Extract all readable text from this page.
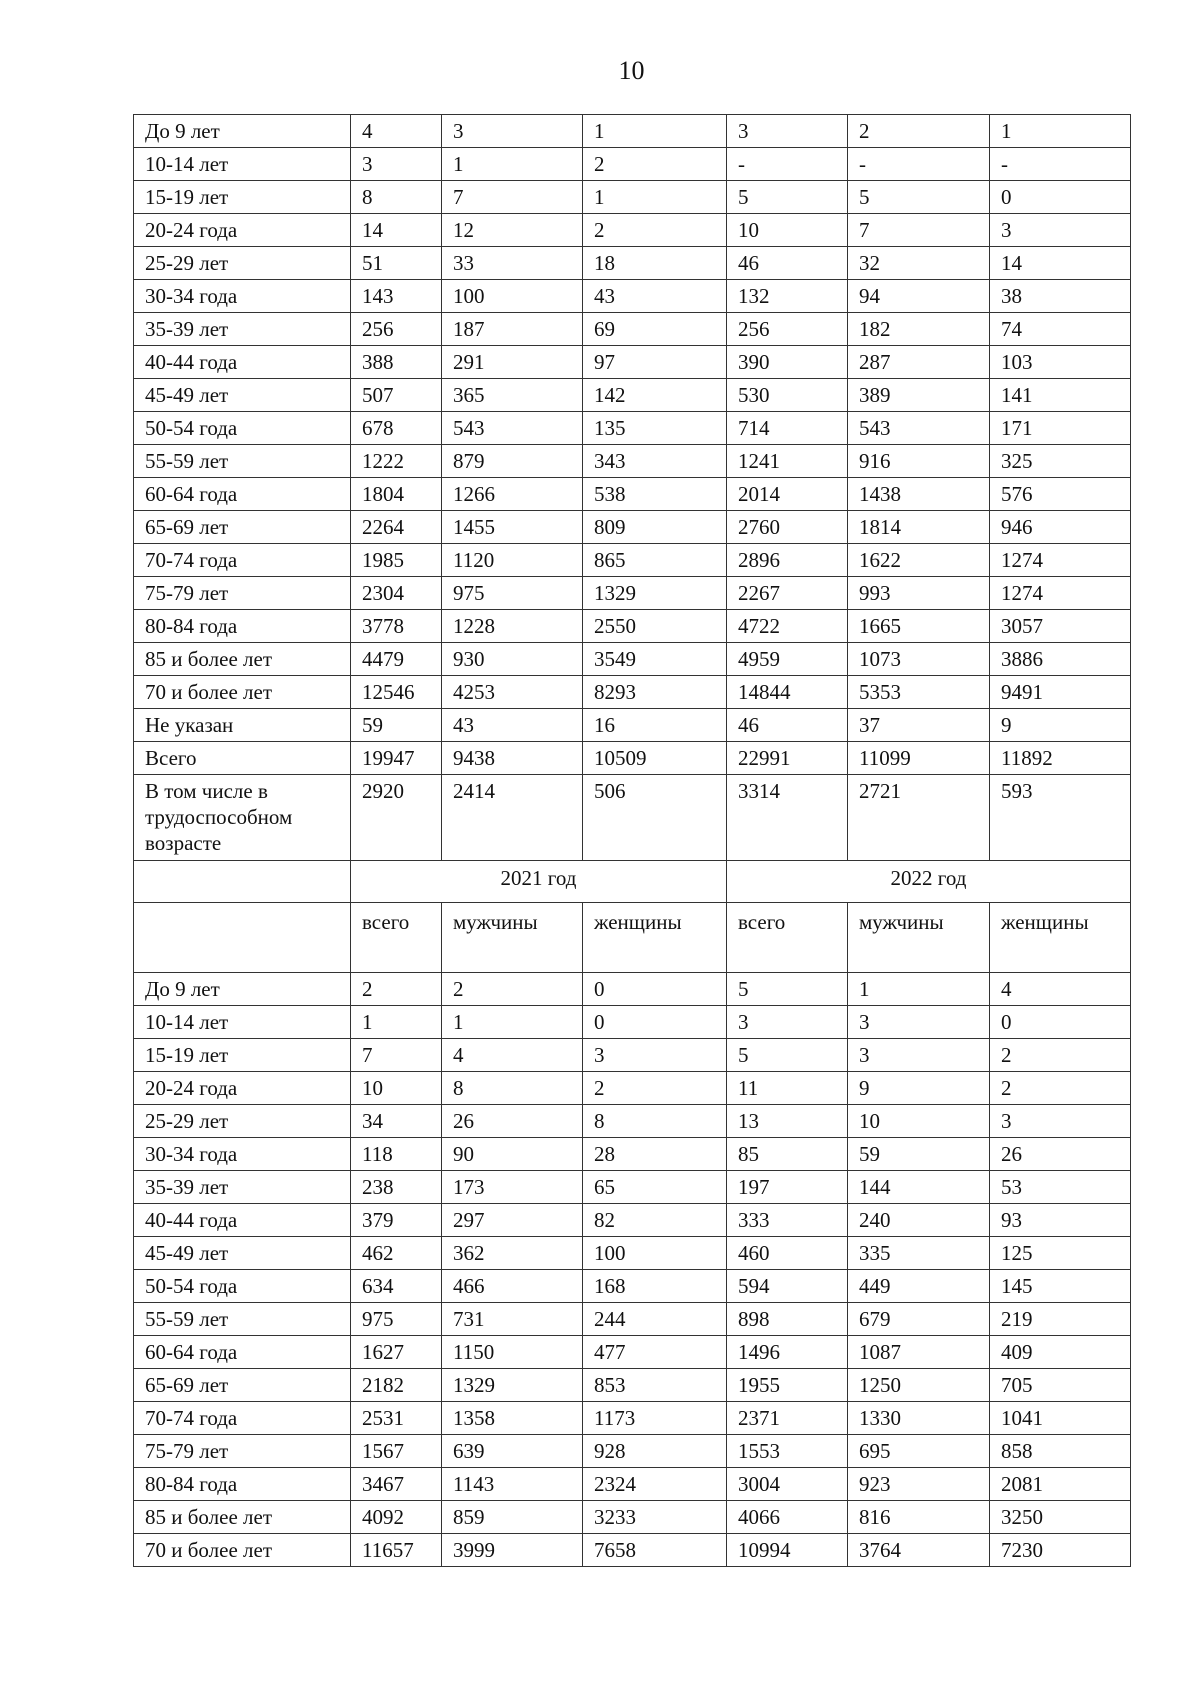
10
До 9 лет	4	3	1	3	2	1
10-14 лет	3	1	2	-	-	-
15-19 лет	8	7	1	5	5	0
20-24 года	14	12	2	10	7	3
25-29 лет	51	33	18	46	32	14
30-34 года	143	100	43	132	94	38
35-39 лет	256	187	69	256	182	74
40-44 года	388	291	97	390	287	103
45-49 лет	507	365	142	530	389	141
50-54 года	678	543	135	714	543	171
55-59 лет	1222	879	343	1241	916	325
60-64 года	1804	1266	538	2014	1438	576
65-69 лет	2264	1455	809	2760	1814	946
70-74 года	1985	1120	865	2896	1622	1274
75-79 лет	2304	975	1329	2267	993	1274
80-84 года	3778	1228	2550	4722	1665	3057
85 и более лет	4479	930	3549	4959	1073	3886
70 и более лет	12546	4253	8293	14844	5353	9491
Не указан	59	43	16	46	37	9
Всего	19947	9438	10509	22991	11099	11892
В том числе в
трудоспособном
возрасте	2920	2414	506	3314	2721	593
	2021 год			2022 год		
	всего	мужчины	женщины	всего	мужчины	женщины
До 9 лет	2	2	0	5	1	4
10-14 лет	1	1	0	3	3	0
15-19 лет	7	4	3	5	3	2
20-24 года	10	8	2	11	9	2
25-29 лет	34	26	8	13	10	3
30-34 года	118	90	28	85	59	26
35-39 лет	238	173	65	197	144	53
40-44 года	379	297	82	333	240	93
45-49 лет	462	362	100	460	335	125
50-54 года	634	466	168	594	449	145
55-59 лет	975	731	244	898	679	219
60-64 года	1627	1150	477	1496	1087	409
65-69 лет	2182	1329	853	1955	1250	705
70-74 года	2531	1358	1173	2371	1330	1041
75-79 лет	1567	639	928	1553	695	858
80-84 года	3467	1143	2324	3004	923	2081
85 и более лет	4092	859	3233	4066	816	3250
70 и более лет	11657	3999	7658	10994	3764	7230
